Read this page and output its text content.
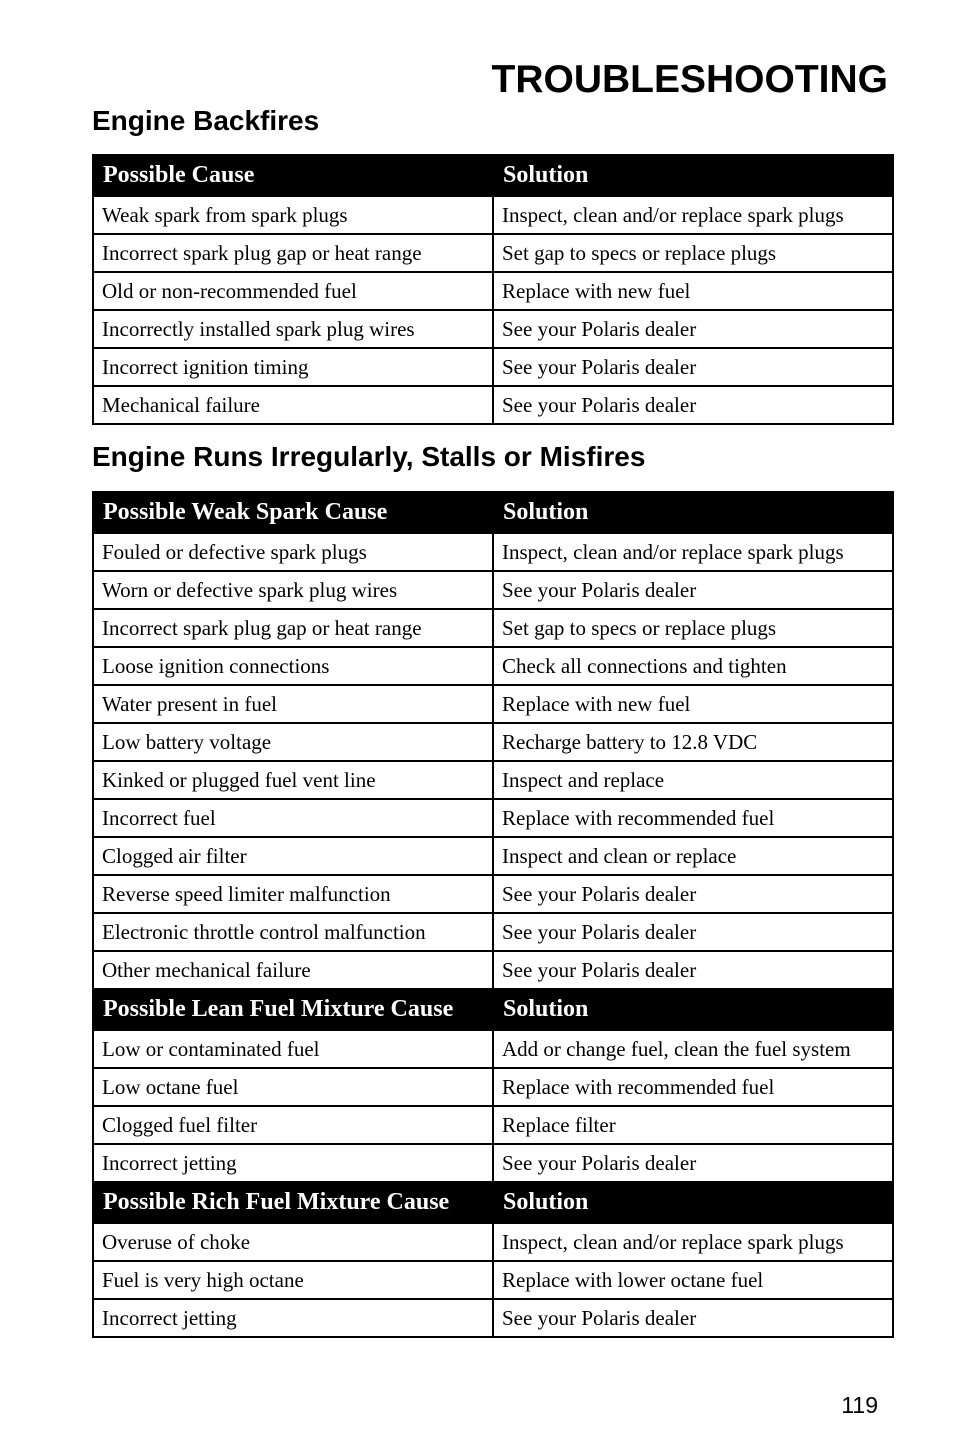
TROUBLESHOOTING
Engine Backfires
Possible Cause	Solution
Weak spark from spark plugs	Inspect, clean and/or replace spark plugs
Incorrect spark plug gap or heat range	Set gap to specs or replace plugs
Old or non-recommended fuel	Replace with new fuel
Incorrectly installed spark plug wires	See your Polaris dealer
Incorrect ignition timing	See your Polaris dealer
Mechanical failure	See your Polaris dealer
Engine Runs Irregularly, Stalls or Misfires
Possible Weak Spark Cause	Solution
Fouled or defective spark plugs	Inspect, clean and/or replace spark plugs
Worn or defective spark plug wires	See your Polaris dealer
Incorrect spark plug gap or heat range	Set gap to specs or replace plugs
Loose ignition connections	Check all connections and tighten
Water present in fuel	Replace with new fuel
Low battery voltage	Recharge battery to 12.8 VDC
Kinked or plugged fuel vent line	Inspect and replace
Incorrect fuel	Replace with recommended fuel
Clogged air filter	Inspect and clean or replace
Reverse speed limiter malfunction	See your Polaris dealer
Electronic throttle control malfunction	See your Polaris dealer
Other mechanical failure	See your Polaris dealer
Possible Lean Fuel Mixture Cause	Solution
Low or contaminated fuel	Add or change fuel, clean the fuel system
Low octane fuel	Replace with recommended fuel
Clogged fuel filter	Replace filter
Incorrect jetting	See your Polaris dealer
Possible Rich Fuel Mixture Cause	Solution
Overuse of choke	Inspect, clean and/or replace spark plugs
Fuel is very high octane	Replace with lower octane fuel
Incorrect jetting	See your Polaris dealer
119
